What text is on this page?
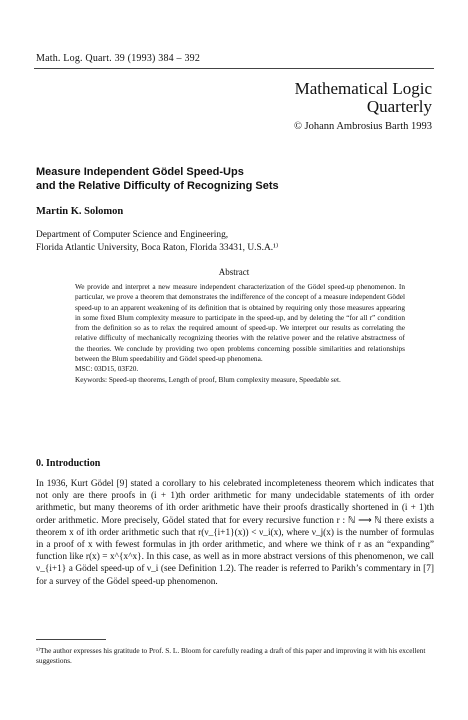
Math. Log. Quart. 39 (1993) 384 – 392
Mathematical Logic
Quarterly
© Johann Ambrosius Barth 1993
Measure Independent Gödel Speed-Ups
and the Relative Difficulty of Recognizing Sets
Martin K. Solomon
Department of Computer Science and Engineering,
Florida Atlantic University, Boca Raton, Florida 33431, U.S.A.¹⁾
Abstract

We provide and interpret a new measure independent characterization of the Gödel speed-up phenomenon. In particular, we prove a theorem that demonstrates the indifference of the concept of a measure independent Gödel speed-up to an apparent weakening of its definition that is obtained by requiring only those measures appearing in some fixed Blum complexity measure to participate in the speed-up, and by deleting the “for all r” condition from the definition so as to relax the required amount of speed-up. We interpret our results as correlating the relative difficulty of mechanically recognizing theories with the relative power and the relative abstractness of the theories. We conclude by providing two open problems concerning possible similarities and relationships between the Blum speedability and Gödel speed-up phenomena.

MSC: 03D15, 03F20.

Keywords: Speed-up theorems, Length of proof, Blum complexity measure, Speedable set.

0. Introduction

In 1936, Kurt Gödel [9] stated a corollary to his celebrated incompleteness theorem which indicates that not only are there proofs in (i + 1)th order arithmetic for many undecidable statements of ith order arithmetic, but many theorems of ith order arithmetic have their proofs drastically shortened in (i + 1)th order arithmetic. More precisely, Gödel stated that for every recursive function r : ℕ ⟶ ℕ there exists a theorem x of ith order arithmetic such that r(ν_{i+1}(x)) < ν_i(x), where ν_j(x) is the number of formulas in a proof of x with fewest formulas in jth order arithmetic, and where we think of r as an “expanding” function like r(x) = x^{x^x}. In this case, as well as in more abstract versions of this phenomenon, we call ν_{i+1} a Gödel speed-up of ν_i (see Definition 1.2). The reader is referred to Parikh’s commentary in [7] for a survey of the Gödel speed-up phenomenon.

¹⁾The author expresses his gratitude to Prof. S. L. Bloom for carefully reading a draft of this paper and improving it with his excellent suggestions.
